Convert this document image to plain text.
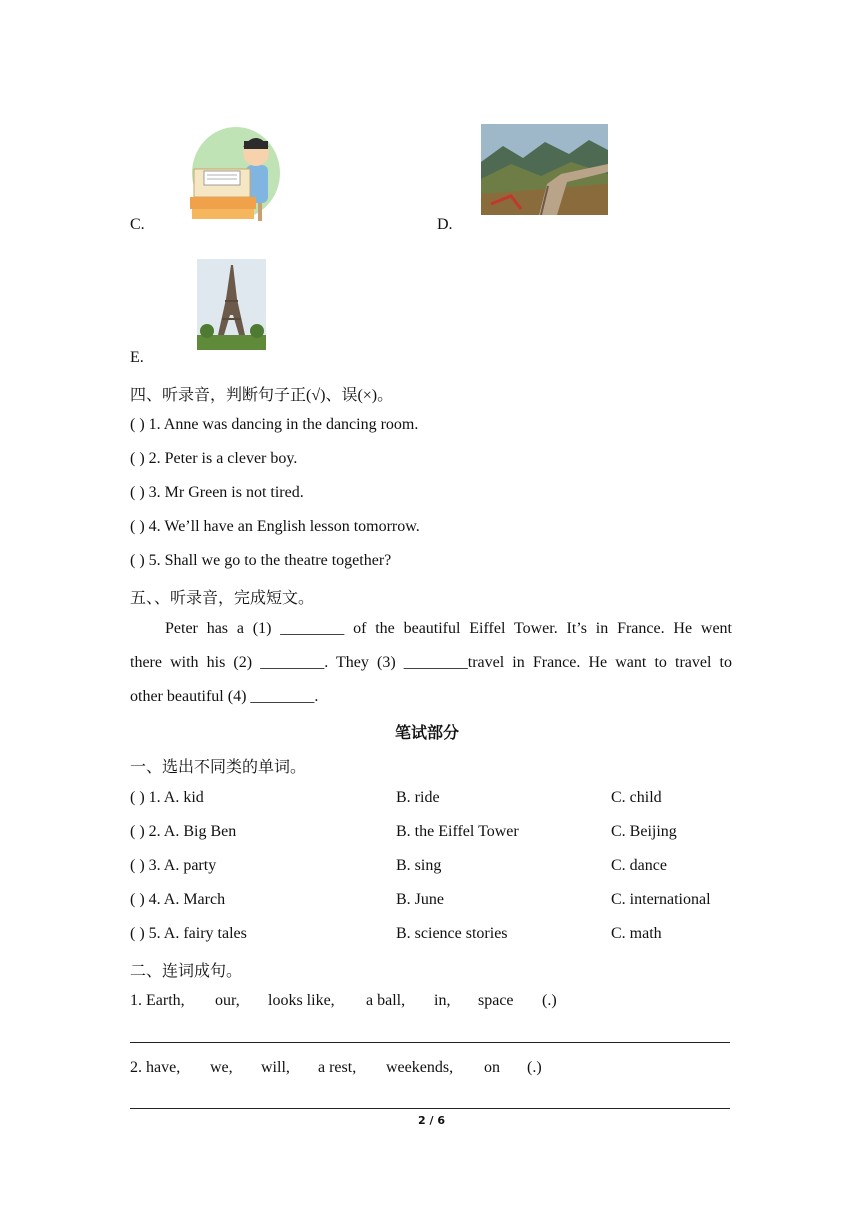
C.	D.
E.
四、听录音，判断句子正(√)、误(×)。
( ) 1. Anne was dancing in the dancing room.
( ) 2. Peter is a clever boy.
( ) 3. Mr Green is not tired.
( ) 4. We’ll have an English lesson tomorrow.
( ) 5. Shall we go to the theatre together?
五、、听录音，完成短文。
Peter has a (1) ________ of the beautiful Eiffel Tower. It’s in France. He went
there with his (2) ________. They (3) ________travel in France. He want to travel to
other beautiful (4) ________.
笔试部分
一、选出不同类的单词。
( ) 1. A. kid	B. ride	C. child
( ) 2. A. Big Ben	B. the Eiffel Tower	C. Beijing
( ) 3. A. party	B. sing	C. dance
( ) 4. A. March	B. June	C. international
( ) 5. A. fairy tales	B. science stories	C. math
二、连词成句。
1. Earth, our, looks like, a ball, in, space (.)
2. have, we, will, a rest, weekends, on (.)
2 / 6
